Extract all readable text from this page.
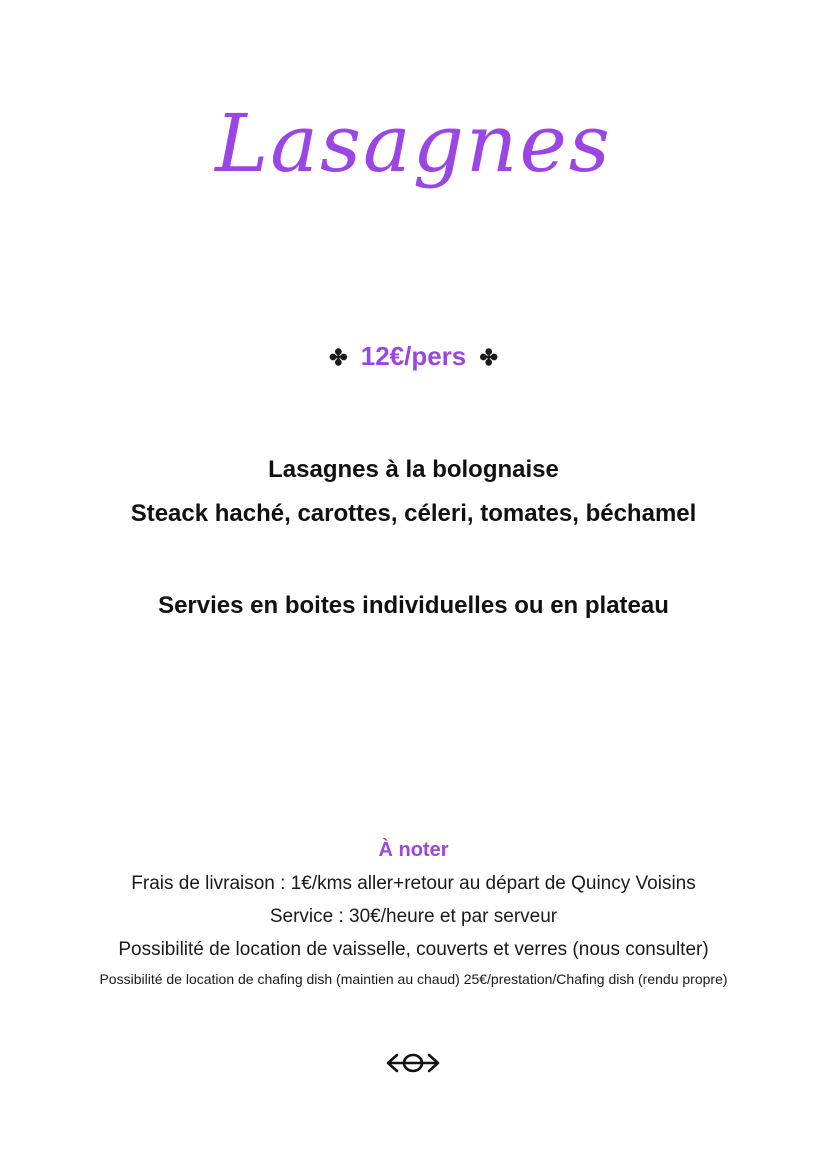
Lasagnes
✤ 12€/pers ✤

Lasagnes à la bolognaise

Steack haché, carottes, céleri, tomates, béchamel

Servies en boites individuelles ou en plateau
À noter
Frais de livraison : 1€/kms aller+retour au départ de Quincy Voisins
Service : 30€/heure et par serveur
Possibilité de location de vaisselle, couverts et verres (nous consulter)
Possibilité de location de chafing dish (maintien au chaud) 25€/prestation/Chafing dish (rendu propre)
